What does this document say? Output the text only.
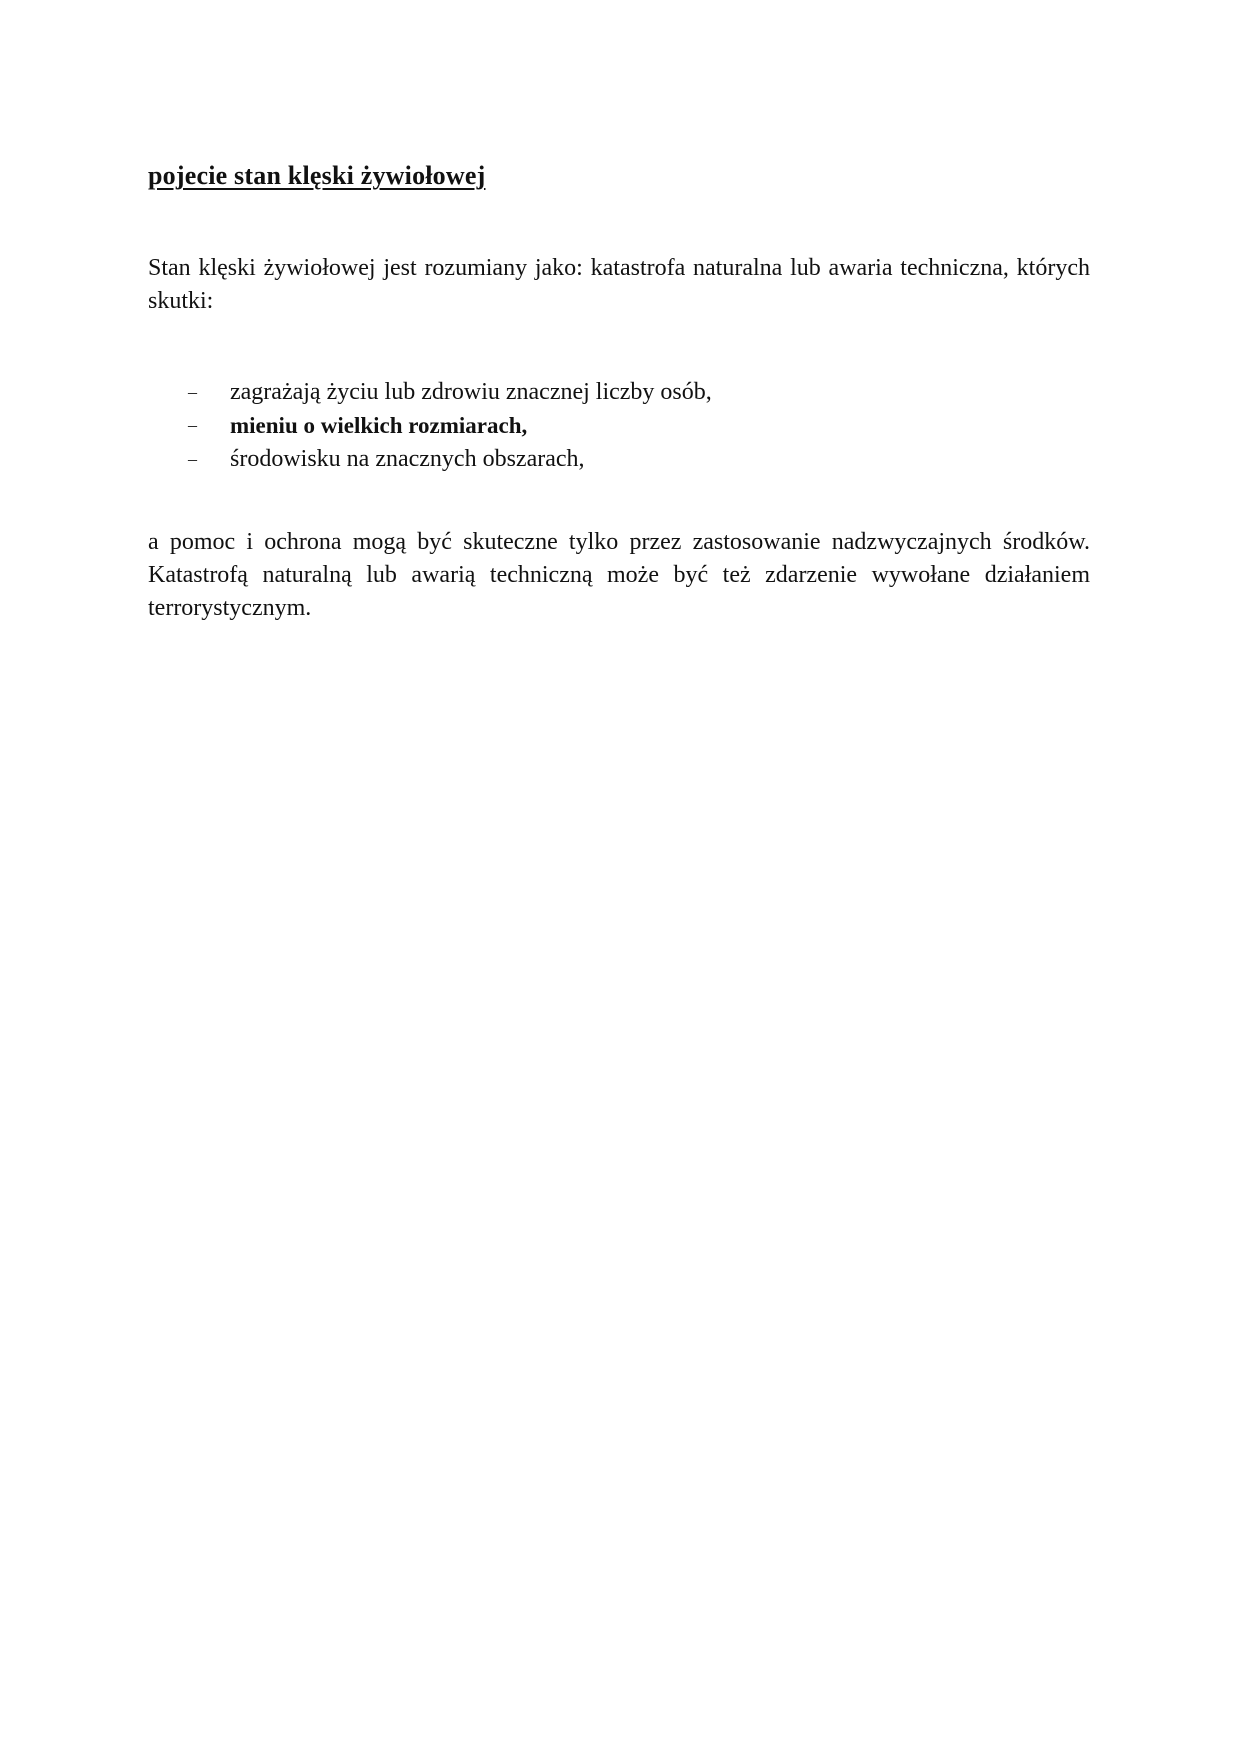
pojecie stan klęski żywiołowej

Stan klęski żywiołowej jest rozumiany jako: katastrofa naturalna lub awaria techniczna, których skutki:

– zagrażają życiu lub zdrowiu znacznej liczby osób,
– mieniu o wielkich rozmiarach,
– środowisku na znacznych obszarach,

a pomoc i ochrona mogą być skuteczne tylko przez zastosowanie nadzwyczajnych środków. Katastrofą naturalną lub awarią techniczną może być też zdarzenie wywołane działaniem terrorystycznym.
